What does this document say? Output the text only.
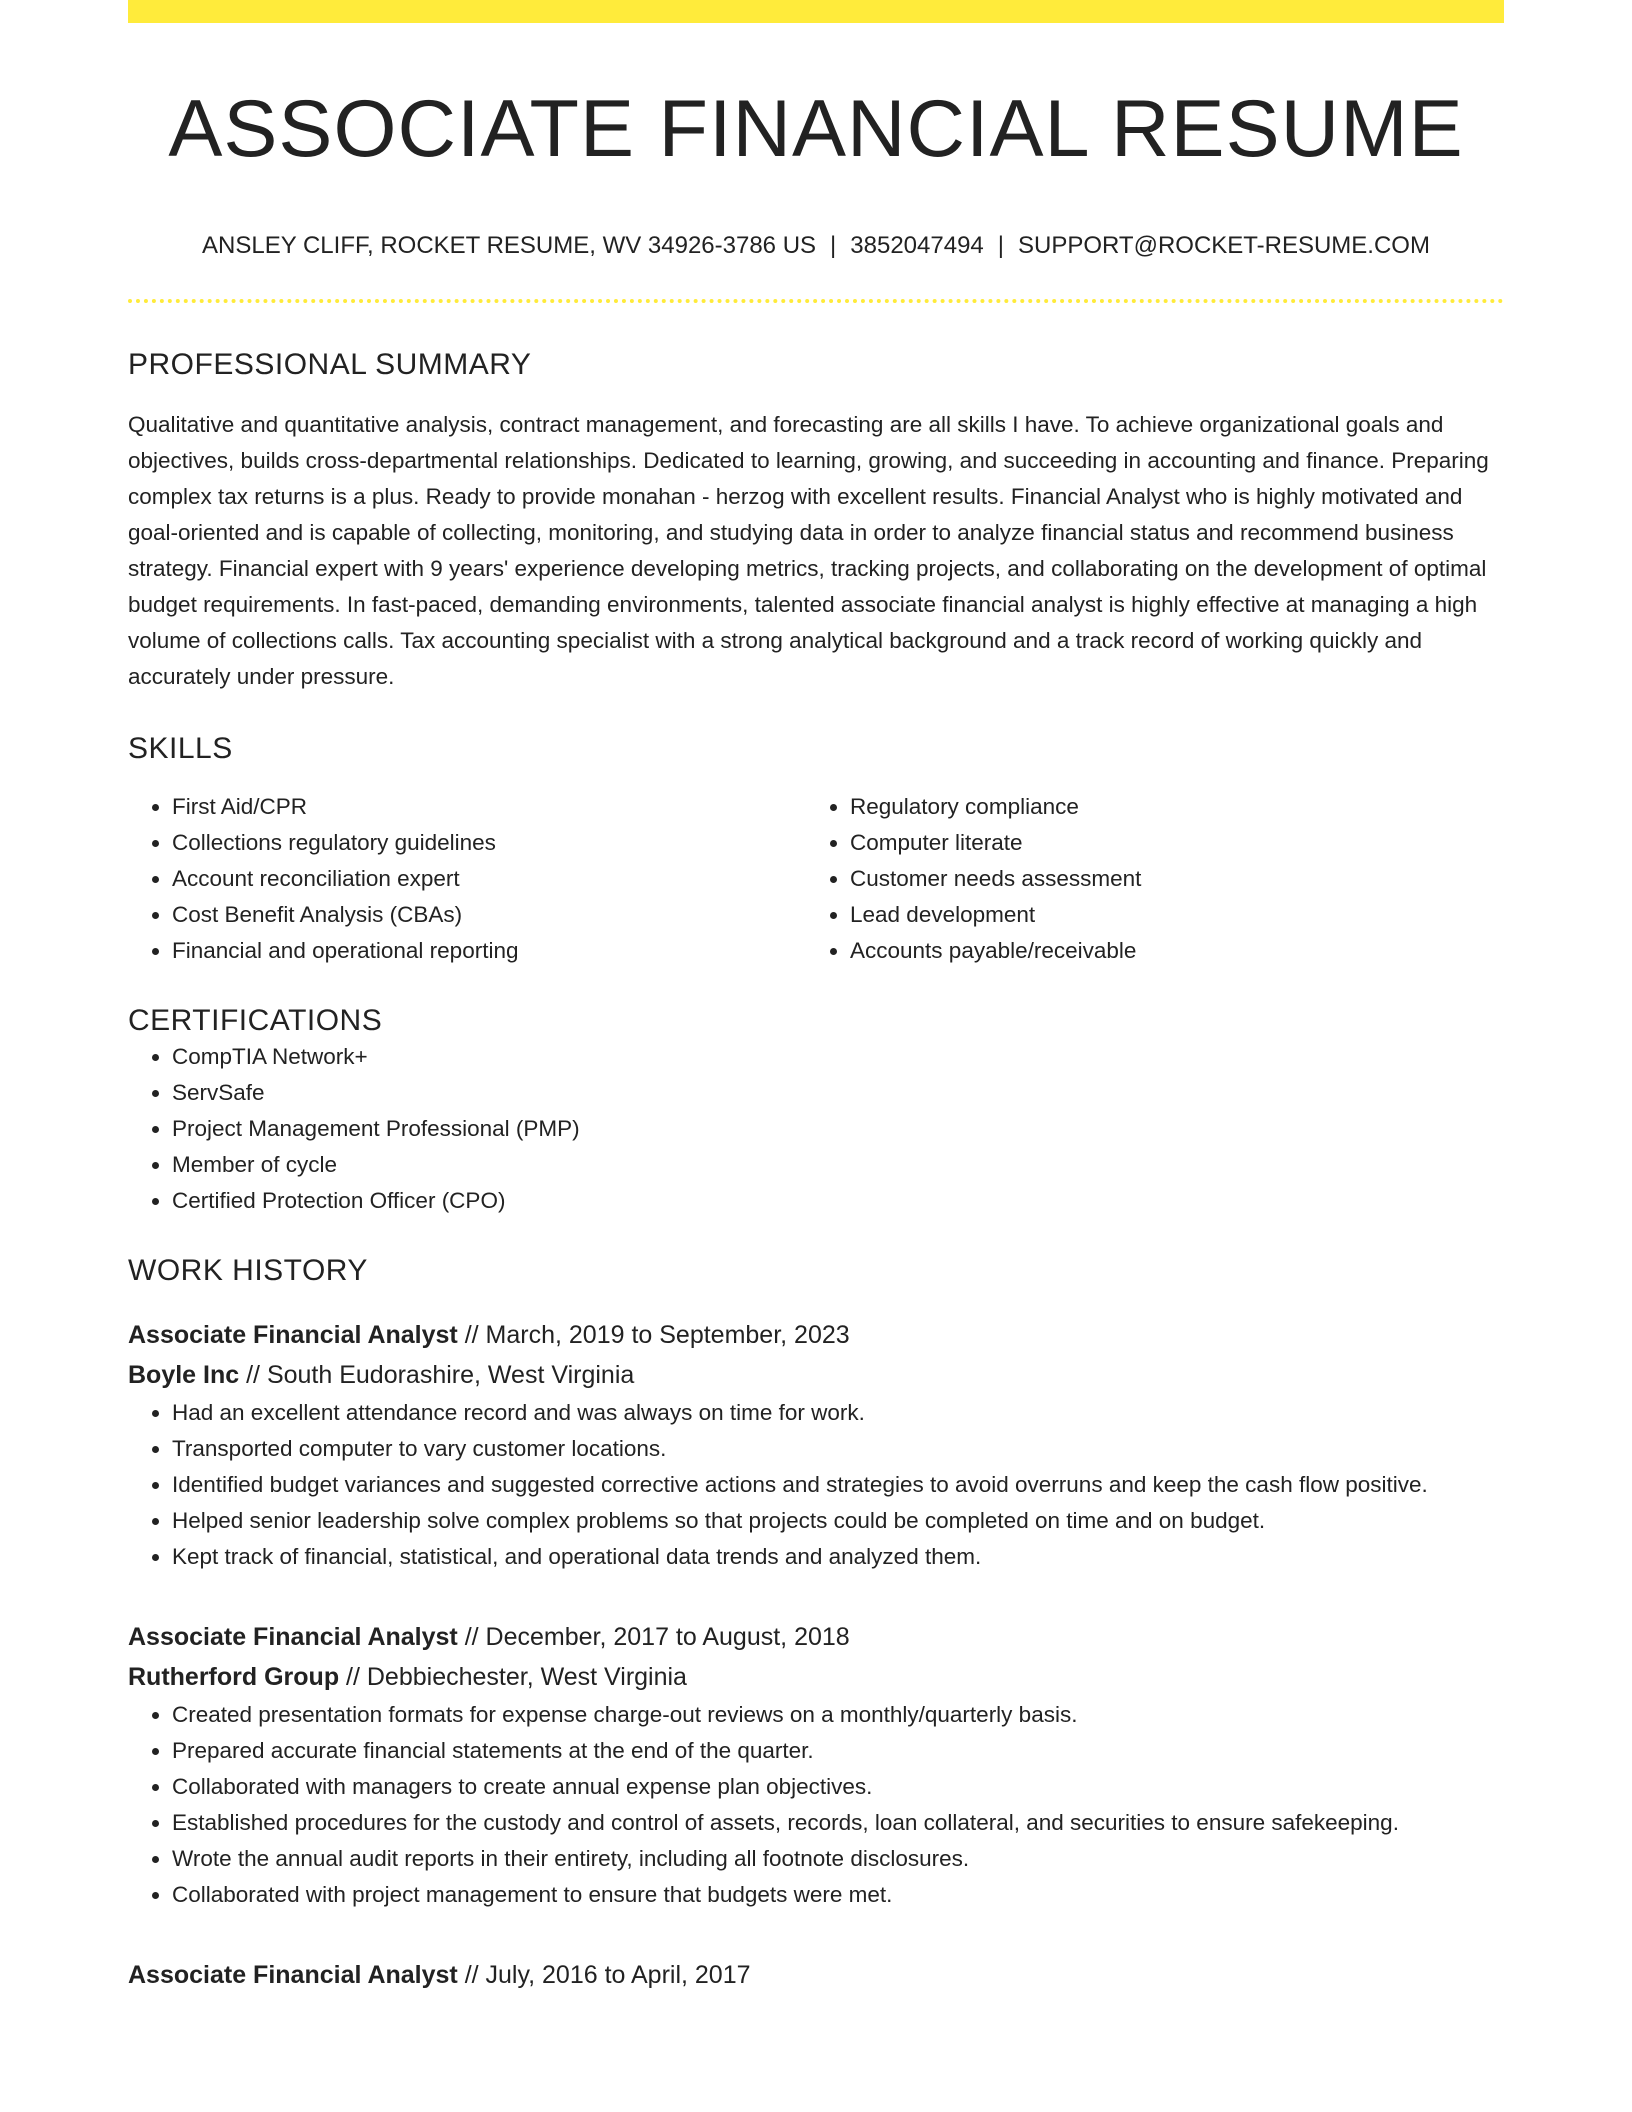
ASSOCIATE FINANCIAL RESUME
ANSLEY CLIFF, ROCKET RESUME, WV 34926-3786 US | 3852047494 | SUPPORT@ROCKET-RESUME.COM
PROFESSIONAL SUMMARY

Qualitative and quantitative analysis, contract management, and forecasting are all skills I have. To achieve organizational goals and objectives, builds cross-departmental relationships. Dedicated to learning, growing, and succeeding in accounting and finance. Preparing complex tax returns is a plus. Ready to provide monahan - herzog with excellent results. Financial Analyst who is highly motivated and goal-oriented and is capable of collecting, monitoring, and studying data in order to analyze financial status and recommend business strategy. Financial expert with 9 years' experience developing metrics, tracking projects, and collaborating on the development of optimal budget requirements. In fast-paced, demanding environments, talented associate financial analyst is highly effective at managing a high volume of collections calls. Tax accounting specialist with a strong analytical background and a track record of working quickly and accurately under pressure.

SKILLS
• First Aid/CPR
• Collections regulatory guidelines
• Account reconciliation expert
• Cost Benefit Analysis (CBAs)
• Financial and operational reporting
• Regulatory compliance
• Computer literate
• Customer needs assessment
• Lead development
• Accounts payable/receivable
CERTIFICATIONS
• CompTIA Network+
• ServSafe
• Project Management Professional (PMP)
• Member of cycle
• Certified Protection Officer (CPO)
WORK HISTORY
Associate Financial Analyst // March, 2019 to September, 2023
Boyle Inc // South Eudorashire, West Virginia
• Had an excellent attendance record and was always on time for work.
• Transported computer to vary customer locations.
• Identified budget variances and suggested corrective actions and strategies to avoid overruns and keep the cash flow positive.
• Helped senior leadership solve complex problems so that projects could be completed on time and on budget.
• Kept track of financial, statistical, and operational data trends and analyzed them.
Associate Financial Analyst // December, 2017 to August, 2018
Rutherford Group // Debbiechester, West Virginia
• Created presentation formats for expense charge-out reviews on a monthly/quarterly basis.
• Prepared accurate financial statements at the end of the quarter.
• Collaborated with managers to create annual expense plan objectives.
• Established procedures for the custody and control of assets, records, loan collateral, and securities to ensure safekeeping.
• Wrote the annual audit reports in their entirety, including all footnote disclosures.
• Collaborated with project management to ensure that budgets were met.
Associate Financial Analyst // July, 2016 to April, 2017
